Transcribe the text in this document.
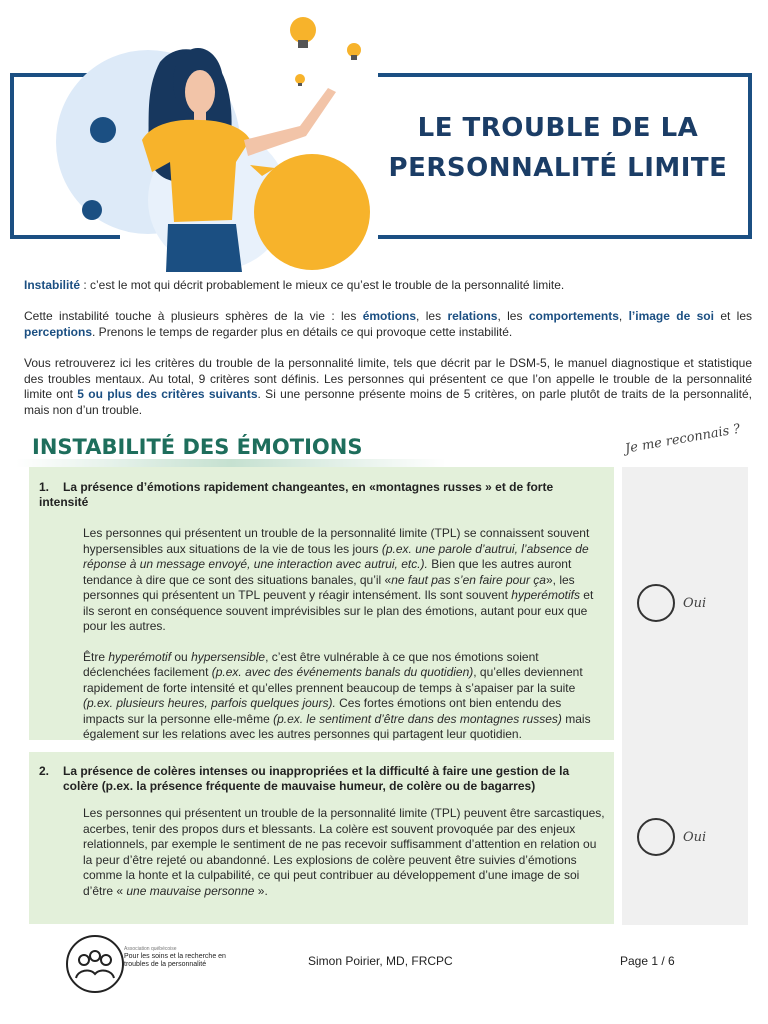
LE TROUBLE DE LA
PERSONNALITÉ LIMITE
Instabilité : c’est le mot qui décrit probablement le mieux ce qu’est le trouble de la personnalité limite.
Cette instabilité touche à plusieurs sphères de la vie : les émotions, les relations, les comportements, l’image de soi et les perceptions. Prenons le temps de regarder plus en détails ce qui provoque cette instabilité.
Vous retrouverez ici les critères du trouble de la personnalité limite, tels que décrit par le DSM-5, le manuel diagnostique et statistique des troubles mentaux. Au total, 9 critères sont définis. Les personnes qui présentent ce que l’on appelle le trouble de la personnalité limite ont 5 ou plus des critères suivants. Si une personne présente moins de 5 critères, on parle plutôt de traits de la personnalité, mais non d’un trouble.
INSTABILITÉ DES ÉMOTIONS	Je me reconnais ?
1. La présence d’émotions rapidement changeantes, en «montagnes russes » et de forte intensité

Les personnes qui présentent un trouble de la personnalité limite (TPL) se connaissent souvent hypersensibles aux situations de la vie de tous les jours (p.ex. une parole d’autrui, l’absence de réponse à un message envoyé, une interaction avec autrui, etc.). Bien que les autres auront tendance à dire que ce sont des situations banales, qu’il «ne faut pas s’en faire pour ça», les personnes qui présentent un TPL peuvent y réagir intensément. Ils sont souvent hyperémotifs et ils seront en conséquence souvent imprévisibles sur le plan des émotions, autant pour eux que pour les autres.

Être hyperémotif ou hypersensible, c’est être vulnérable à ce que nos émotions soient déclenchées facilement (p.ex. avec des événements banals du quotidien), qu’elles deviennent rapidement de forte intensité et qu’elles prennent beaucoup de temps à s’apaiser par la suite (p.ex. plusieurs heures, parfois quelques jours). Ces fortes émotions ont bien entendu des impacts sur la personne elle-même (p.ex. le sentiment d’être dans des montagnes russes) mais également sur les relations avec les autres personnes qui partagent leur quotidien.

Oui
2.	La présence de colères intenses ou inappropriées et la difficulté à faire une gestion de la colère (p.ex. la présence fréquente de mauvaise humeur, de colère ou de bagarres)

Les personnes qui présentent un trouble de la personnalité limite (TPL) peuvent être sarcastiques, acerbes, tenir des propos durs et blessants. La colère est souvent provoquée par des enjeux relationnels, par exemple le sentiment de ne pas recevoir suffisamment d’attention en relation ou la peur d’être rejeté ou abandonné. Les explosions de colère peuvent être suivies d’émotions comme la honte et la culpabilité, ce qui peut contribuer au développement d’une image de soi d’être « une mauvaise personne ».

Oui
Association québécoise
Pour les soins et la recherche en troubles de la personnalité	Simon Poirier, MD, FRCPC	Page 1 / 6
